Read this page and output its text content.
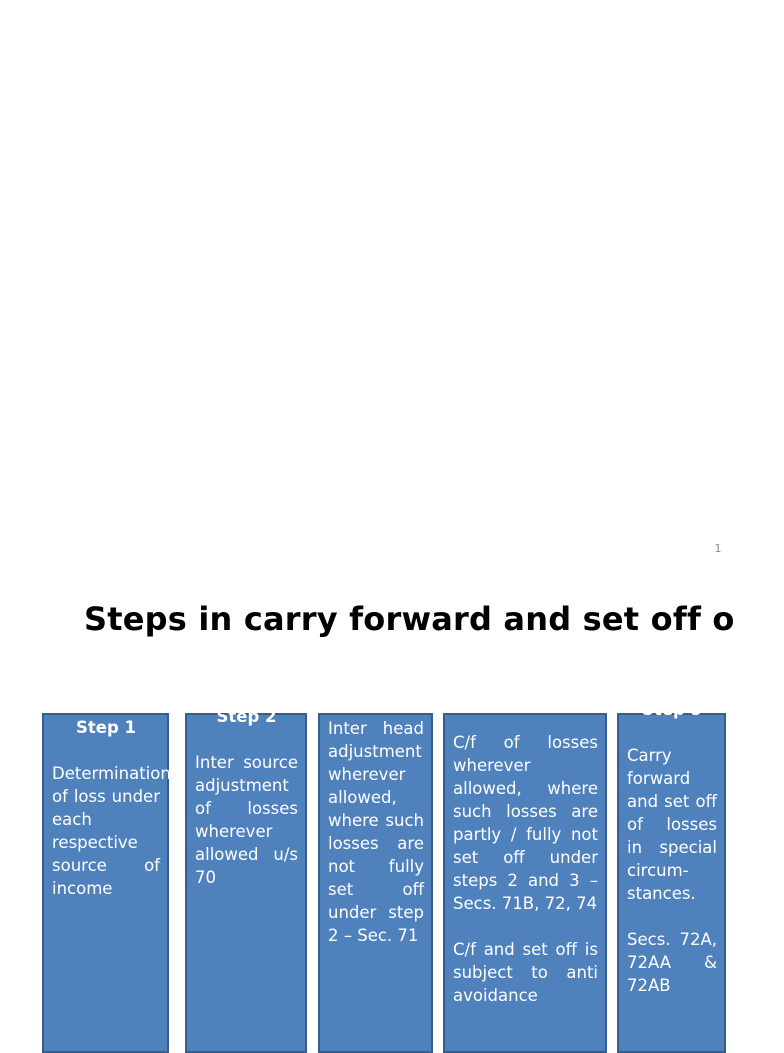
1
Steps in carry forward and set off o
Step 1
Determination of loss under each respective source of income
Step 2
Inter source adjustment of losses wherever allowed u/s 70
Inter head adjustment wherever allowed, where such losses are not fully set off under step 2 – Sec. 71
C/f of losses wherever allowed, where such losses are partly / fully not set off under steps 2 and 3 – Secs. 71B, 72, 74
C/f and set off is subject to anti avoidance
Step 5
Carry forward and set off of losses in special circum-stances.
Secs. 72A, 72AA & 72AB
